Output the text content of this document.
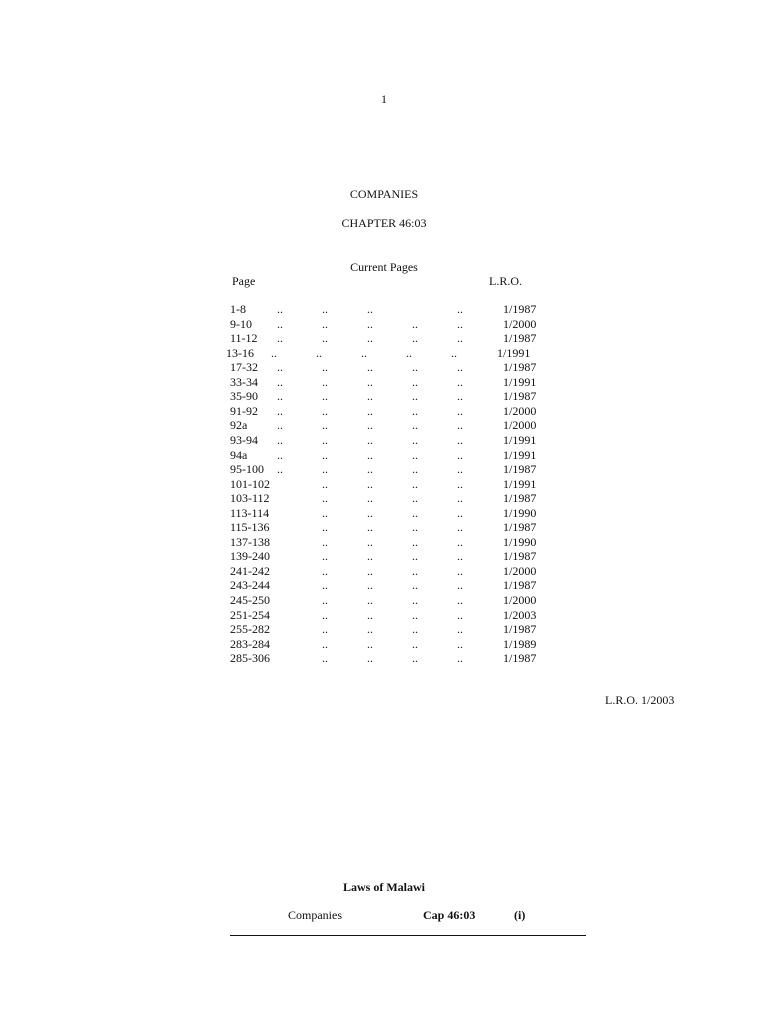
1
COMPANIES
CHAPTER 46:03
Current Pages
Page	L.R.O.
1-8	..	..	..	..	1/1987
9-10 ..	..	..	..	..	1/2000
11-12 ..	..	..	..	..	1/1987
13-16 ..	..	..	..	..	1/1991
17-32 ..	..	..	..	..	1/1987
33-34 ..	..	..	..	..	1/1991
35-90 ..	..	..	..	..	1/1987
91-92 ..	..	..	..	..	1/2000
92a ..	..	..	..	..	1/2000
93-94 ..	..	..	..	..	1/1991
94a ..	..	..	..	..	1/1991
95-100 ..	..	..	..	..	1/1987
101-102	..	..	..	..	1/1991
103-112	..	..	..	..	1/1987
113-114	..	..	..	..	1/1990
115-136	..	..	..	..	1/1987
137-138	..	..	..	..	1/1990
139-240	..	..	..	..	1/1987
241-242	..	..	..	..	1/2000
243-244	..	..	..	..	1/1987
245-250	..	..	..	..	1/2000
251-254	..	..	..	..	1/2003
255-282	..	..	..	..	1/1987
283-284	..	..	..	..	1/1989
285-306	..	..	..	..	1/1987
L.R.O. 1/2003
Laws of Malawi
Companies	Cap 46:03	(i)
